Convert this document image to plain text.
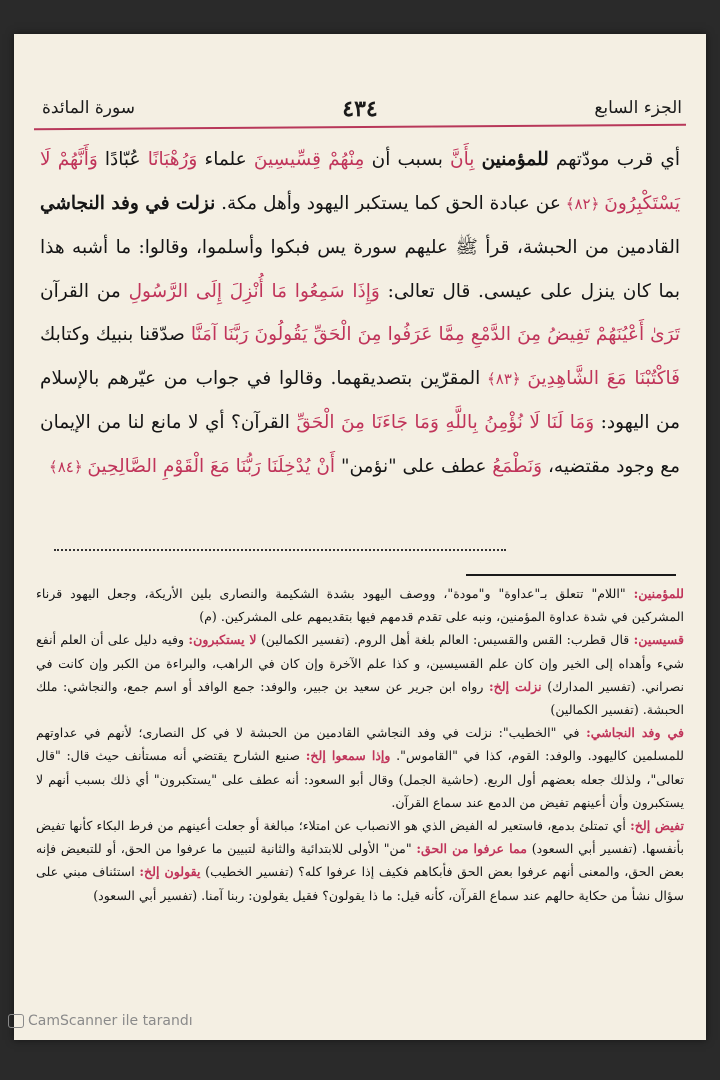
الجزء السابع
٤٣٤
سورة المائدة

أي قرب مودّتهم للمؤمنين بِأَنَّ بسبب أن مِنْهُمْ قِسِّيسِينَ علماء وَرُهْبَانًا عُبّادًا وَأَنَّهُمْ لَا يَسْتَكْبِرُونَ ﴿٨٢﴾ عن عبادة الحق كما يستكبر اليهود وأهل مكة. نزلت في وفد النجاشي القادمين من الحبشة، قرأ ﷺ عليهم سورة يس فبكوا وأسلموا، وقالوا: ما أشبه هذا بما كان ينزل على عيسى. قال تعالى: وَإِذَا سَمِعُوا مَا أُنْزِلَ إِلَى الرَّسُولِ من القرآن تَرَىٰ أَعْيُنَهُمْ تَفِيضُ مِنَ الدَّمْعِ مِمَّا عَرَفُوا مِنَ الْحَقِّ يَقُولُونَ رَبَّنَا آمَنَّا صدّقنا بنبيك وكتابك فَاكْتُبْنَا مَعَ الشَّاهِدِينَ ﴿٨٣﴾ المقرّين بتصديقهما. وقالوا في جواب من عيّرهم بالإسلام من اليهود: وَمَا لَنَا لَا نُؤْمِنُ بِاللَّهِ وَمَا جَاءَنَا مِنَ الْحَقِّ القرآن؟ أي لا مانع لنا من الإيمان مع وجود مقتضيه، وَنَطْمَعُ عطف على "نؤمن" أَنْ يُدْخِلَنَا رَبُّنَا مَعَ الْقَوْمِ الصَّالِحِينَ ﴿٨٤﴾

للمؤمنين: "اللام" تتعلق بـ"عداوة" و"مودة"، ووصف اليهود بشدة الشكيمة والنصارى بلين الأريكة، وجعل اليهود قرناء المشركين في شدة عداوة المؤمنين، ونبه على تقدم قدمهم فيها بتقديمهم على المشركين. (م)

قسيسين: قال قطرب: القس والقسيس: العالم بلغة أهل الروم. (تفسير الكمالين) لا يستكبرون: وفيه دليل على أن العلم أنفع شيء وأهداه إلى الخير وإن كان علم القسيسين، و كذا علم الآخرة وإن كان في الراهب، والبراءة من الكبر وإن كانت في نصراني. (تفسير المدارك) نزلت إلخ: رواه ابن جرير عن سعيد بن جبير، والوفد: جمع الوافد أو اسم جمع، والنجاشي: ملك الحبشة. (تفسير الكمالين)

في وفد النجاشي: في "الخطيب": نزلت في وفد النجاشي القادمين من الحبشة لا في كل النصارى؛ لأنهم في عداوتهم للمسلمين كاليهود. والوفد: القوم، كذا في "القاموس". وإذا سمعوا إلخ: صنيع الشارح يقتضي أنه مستأنف حيث قال: "قال تعالى"، ولذلك جعله بعضهم أول الربع. (حاشية الجمل) وقال أبو السعود: أنه عطف على "يستكبرون" أي ذلك بسبب أنهم لا يستكبرون وأن أعينهم تفيض من الدمع عند سماع القرآن.

تفيض إلخ: أي تمتلئ بدمع، فاستعير له الفيض الذي هو الانصباب عن امتلاء؛ مبالغة أو جعلت أعينهم من فرط البكاء كأنها تفيض بأنفسها. (تفسير أبي السعود) مما عرفوا من الحق: "من" الأولى للابتدائية والثانية لتبيين ما عرفوا من الحق، أو للتبعيض فإنه بعض الحق، والمعنى أنهم عرفوا بعض الحق فأبكاهم فكيف إذا عرفوا كله؟ (تفسير الخطيب) يقولون إلخ: استئناف مبني على سؤال نشأ من حكاية حالهم عند سماع القرآن، كأنه قيل: ما ذا يقولون؟ فقيل يقولون: ربنا آمنا. (تفسير أبي السعود)

CamScanner ile tarandı
